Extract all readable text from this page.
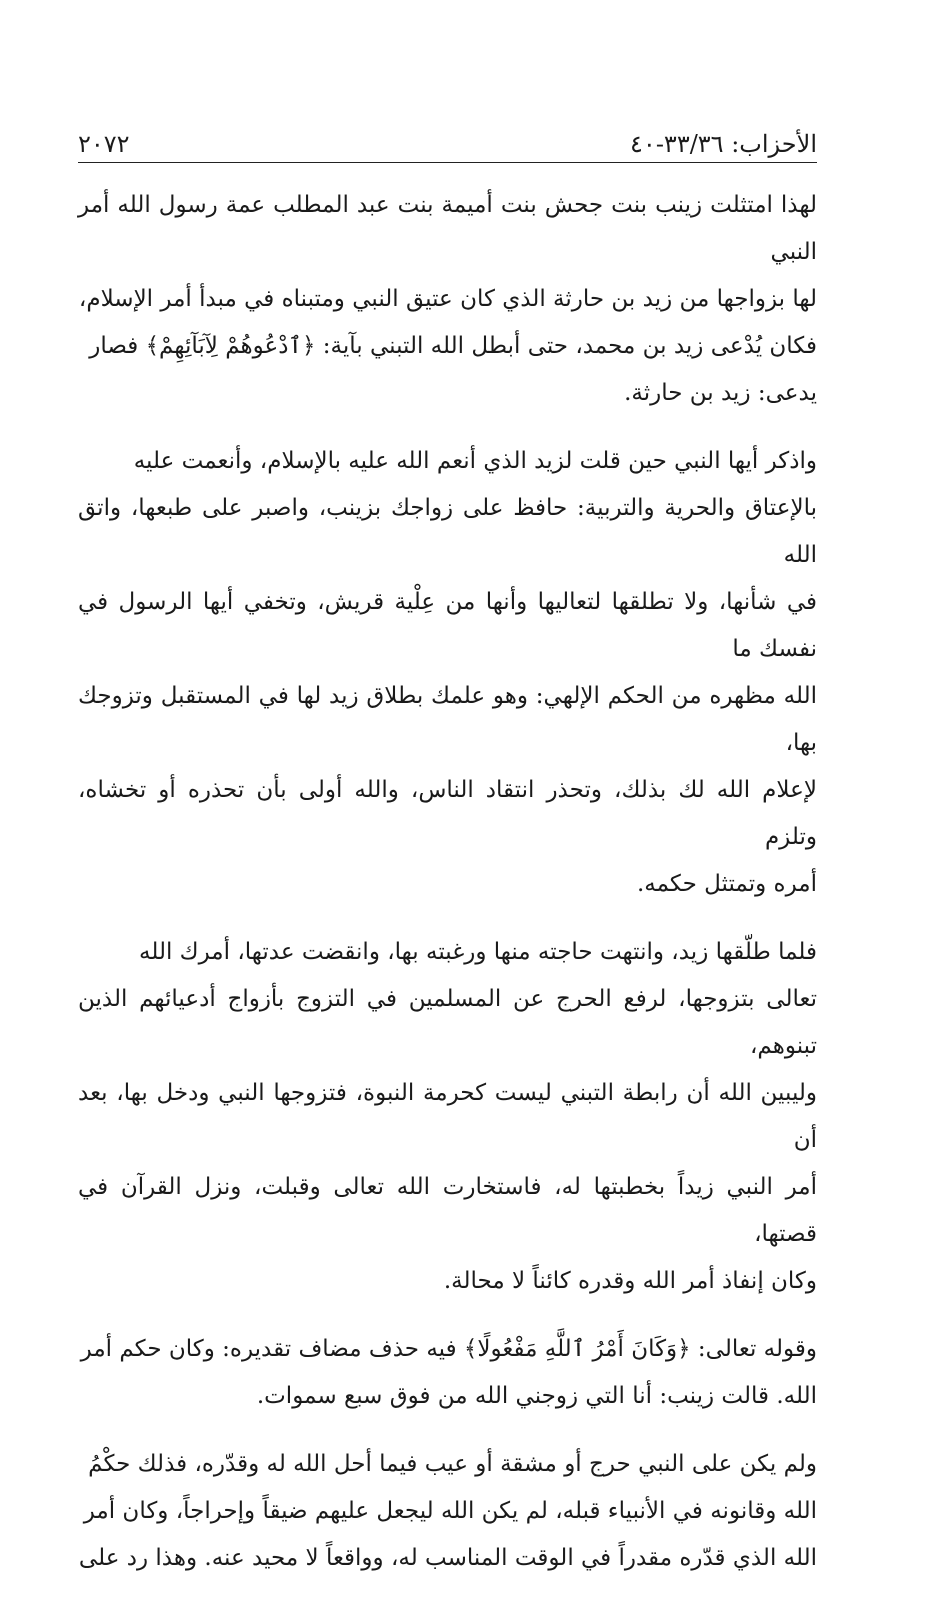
الأحزاب: ٣٣/٣٦-٤٠
٢٠٧٢
لهذا امتثلت زينب بنت جحش بنت أميمة بنت عبد المطلب عمة رسول الله أمر النبي
لها بزواجها من زيد بن حارثة الذي كان عتيق النبي ومتبناه في مبدأ أمر الإسلام،
فكان يُدْعى زيد بن محمد، حتى أبطل الله التبني بآية: ﴿ٱدْعُوهُمْ لِآبَآئِهِمْ﴾ فصار
يدعى: زيد بن حارثة.
واذكر أيها النبي حين قلت لزيد الذي أنعم الله عليه بالإسلام، وأنعمت عليه
بالإعتاق والحرية والتربية: حافظ على زواجك بزينب، واصبر على طبعها، واتق الله
في شأنها، ولا تطلقها لتعاليها وأنها من عِلْية قريش، وتخفي أيها الرسول في نفسك ما
الله مظهره من الحكم الإلهي: وهو علمك بطلاق زيد لها في المستقبل وتزوجك بها،
لإعلام الله لك بذلك، وتحذر انتقاد الناس، والله أولى بأن تحذره أو تخشاه، وتلزم
أمره وتمتثل حكمه.
فلما طلّقها زيد، وانتهت حاجته منها ورغبته بها، وانقضت عدتها، أمرك الله
تعالى بتزوجها، لرفع الحرج عن المسلمين في التزوج بأزواج أدعيائهم الذين تبنوهم،
وليبين الله أن رابطة التبني ليست كحرمة النبوة، فتزوجها النبي ودخل بها، بعد أن
أمر النبي زيداً بخطبتها له، فاستخارت الله تعالى وقبلت، ونزل القرآن في قصتها،
وكان إنفاذ أمر الله وقدره كائناً لا محالة.
وقوله تعالى: ﴿وَكَانَ أَمْرُ ٱللَّهِ مَفْعُولًا﴾ فيه حذف مضاف تقديره: وكان حكم أمر
الله. قالت زينب: أنا التي زوجني الله من فوق سبع سموات.
ولم يكن على النبي حرج أو مشقة أو عيب فيما أحل الله له وقدّره، فذلك حكْمُ
الله وقانونه في الأنبياء قبله، لم يكن الله ليجعل عليهم ضيقاً وإحراجاً، وكان أمر
الله الذي قدّره مقدراً في الوقت المناسب له، وواقعاً لا محيد عنه. وهذا رد على
